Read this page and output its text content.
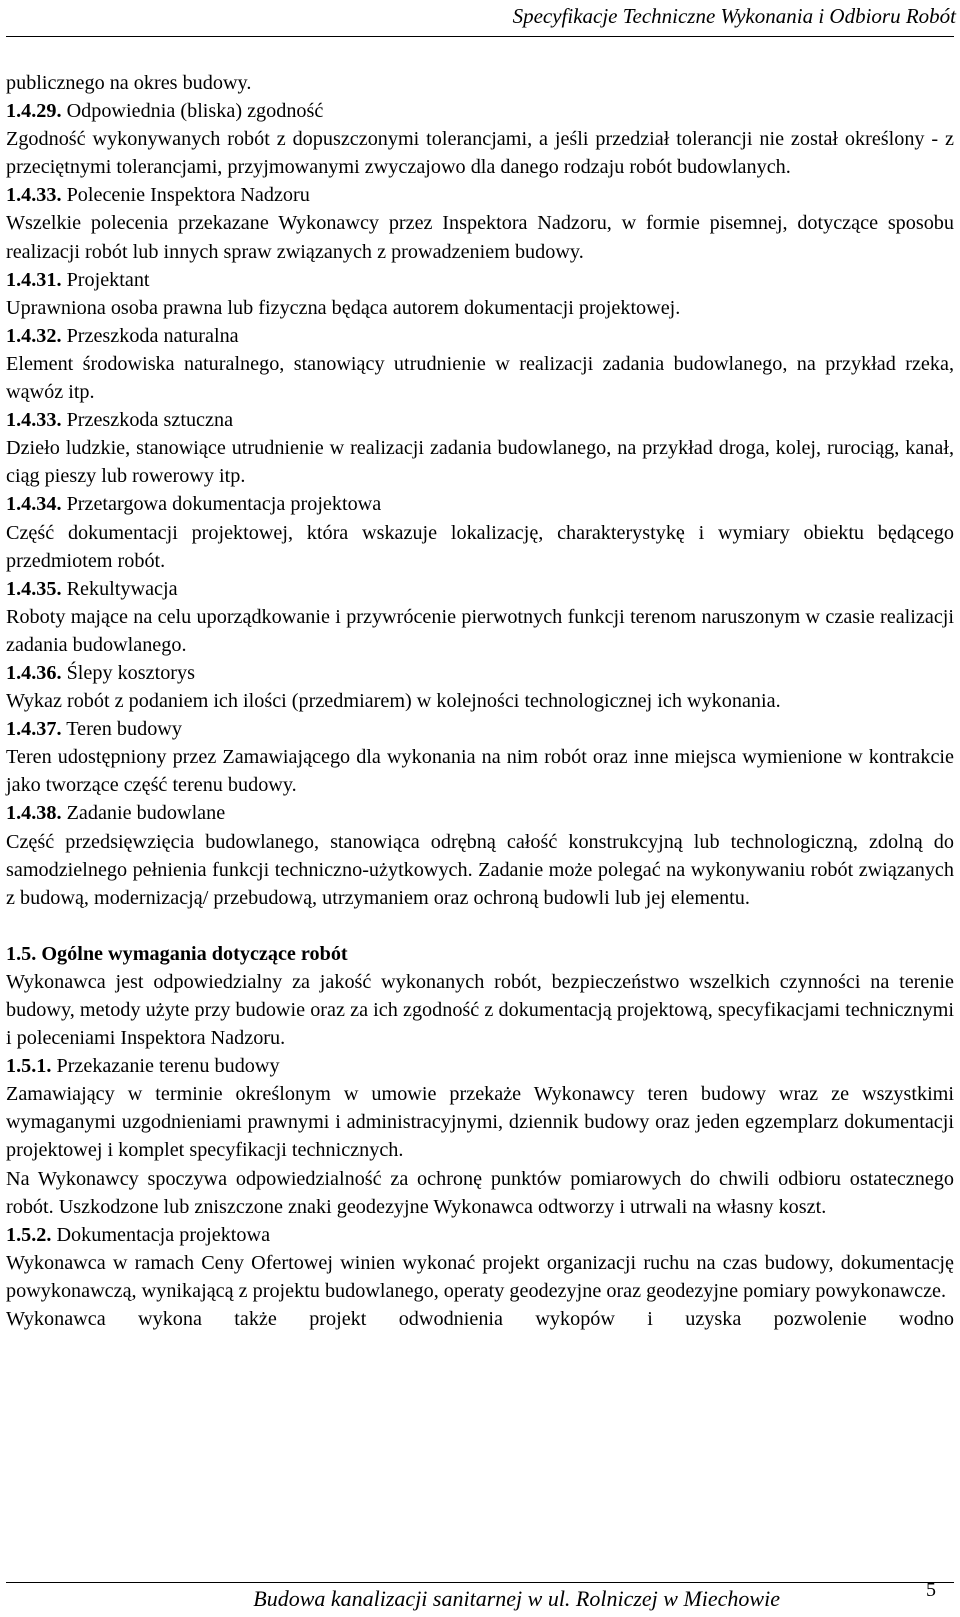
Specyfikacje Techniczne Wykonania i Odbioru Robót

publicznego na okres budowy.

1.4.29. Odpowiednia (bliska) zgodność

Zgodność wykonywanych robót z dopuszczonymi tolerancjami, a jeśli przedział tolerancji nie został określony - z przeciętnymi tolerancjami, przyjmowanymi zwyczajowo dla danego rodzaju robót budowlanych.

1.4.33. Polecenie Inspektora Nadzoru

Wszelkie polecenia przekazane Wykonawcy przez Inspektora Nadzoru, w formie pisemnej, dotyczące sposobu realizacji robót lub innych spraw związanych z prowadzeniem budowy.

1.4.31. Projektant

Uprawniona osoba prawna lub fizyczna będąca autorem dokumentacji projektowej.

1.4.32. Przeszkoda naturalna

Element środowiska naturalnego, stanowiący utrudnienie w realizacji zadania budowlanego, na przykład rzeka, wąwóz itp.

1.4.33. Przeszkoda sztuczna

Dzieło ludzkie, stanowiące utrudnienie w realizacji zadania budowlanego, na przykład droga, kolej, rurociąg, kanał, ciąg pieszy lub rowerowy itp.

1.4.34. Przetargowa dokumentacja projektowa

Część dokumentacji projektowej, która wskazuje lokalizację, charakterystykę i wymiary obiektu będącego przedmiotem robót.

1.4.35. Rekultywacja

Roboty mające na celu uporządkowanie i przywrócenie pierwotnych funkcji terenom naruszonym w czasie realizacji zadania budowlanego.

1.4.36. Ślepy kosztorys

Wykaz robót z podaniem ich ilości (przedmiarem) w kolejności technologicznej ich wykonania.

1.4.37. Teren budowy

Teren udostępniony przez Zamawiającego dla wykonania na nim robót oraz inne miejsca wymienione w kontrakcie jako tworzące część terenu budowy.

1.4.38. Zadanie budowlane

Część przedsięwzięcia budowlanego, stanowiąca odrębną całość konstrukcyjną lub technologiczną, zdolną do samodzielnego pełnienia funkcji techniczno-użytkowych. Zadanie może polegać na wykonywaniu robót związanych z budową, modernizacją/ przebudową, utrzymaniem oraz ochroną budowli lub jej elementu.

1.5. Ogólne wymagania dotyczące robót

Wykonawca jest odpowiedzialny za jakość wykonanych robót, bezpieczeństwo wszelkich czynności na terenie budowy, metody użyte przy budowie oraz za ich zgodność z dokumentacją projektową, specyfikacjami technicznymi i poleceniami Inspektora Nadzoru.

1.5.1. Przekazanie terenu budowy

Zamawiający w terminie określonym w umowie przekaże Wykonawcy teren budowy wraz ze wszystkimi wymaganymi uzgodnieniami prawnymi i administracyjnymi, dziennik budowy oraz jeden egzemplarz dokumentacji projektowej i komplet specyfikacji technicznych.

Na Wykonawcy spoczywa odpowiedzialność za ochronę punktów pomiarowych do chwili odbioru ostatecznego robót. Uszkodzone lub zniszczone znaki geodezyjne Wykonawca odtworzy i utrwali na własny koszt.

1.5.2. Dokumentacja projektowa

Wykonawca w ramach Ceny Ofertowej winien wykonać projekt organizacji ruchu na czas budowy, dokumentację powykonawczą, wynikającą z projektu budowlanego, operaty geodezyjne oraz geodezyjne pomiary powykonawcze.

Wykonawca wykona także projekt odwodnienia wykopów i uzyska pozwolenie wodno

Budowa kanalizacji sanitarnej w ul. Rolniczej w Miechowie	5
